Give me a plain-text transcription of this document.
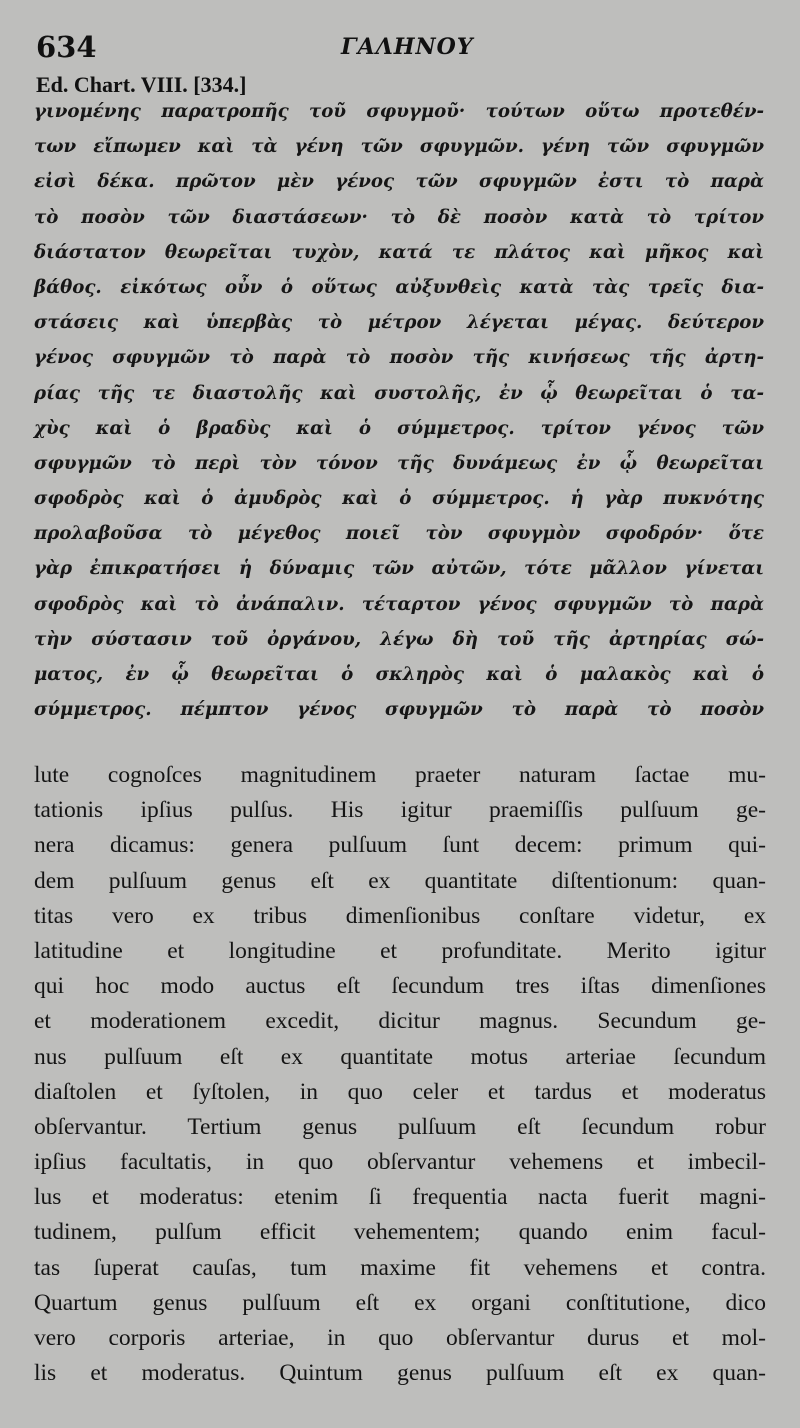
634	ΓΑΛΗΝΟΥ
Ed. Chart. VIII. [334.]
γινομένης παρατροπῆς τοῦ σφυγμοῦ· τούτων οὕτω προτεθέν-
των εἴπωμεν καὶ τὰ γένη τῶν σφυγμῶν. γένη τῶν σφυγμῶν
εἰσὶ δέκα. πρῶτον μὲν γένος τῶν σφυγμῶν ἐστι τὸ παρὰ
τὸ ποσὸν τῶν διαστάσεων· τὸ δὲ ποσὸν κατὰ τὸ τρίτον
διάστατον θεωρεῖται τυχὸν, κατά τε πλάτος καὶ μῆκος καὶ
βάθος. εἰκότως οὖν ὁ οὕτως αὐξυνθεὶς κατὰ τὰς τρεῖς δια-
στάσεις καὶ ὑπερβὰς τὸ μέτρον λέγεται μέγας. δεύτερον
γένος σφυγμῶν τὸ παρὰ τὸ ποσὸν τῆς κινήσεως τῆς ἀρτη-
ρίας τῆς τε διαστολῆς καὶ συστολῆς, ἐν ᾧ θεωρεῖται ὁ τα-
χὺς καὶ ὁ βραδὺς καὶ ὁ σύμμετρος. τρίτον γένος τῶν
σφυγμῶν τὸ περὶ τὸν τόνον τῆς δυνάμεως ἐν ᾧ θεωρεῖται
σφοδρὸς καὶ ὁ ἀμυδρὸς καὶ ὁ σύμμετρος. ἡ γὰρ πυκνότης
προλαβοῦσα τὸ μέγεθος ποιεῖ τὸν σφυγμὸν σφοδρόν· ὅτε
γὰρ ἐπικρατήσει ἡ δύναμις τῶν αὐτῶν, τότε μᾶλλον γίνεται
σφοδρὸς καὶ τὸ ἀνάπαλιν. τέταρτον γένος σφυγμῶν τὸ παρὰ
τὴν σύστασιν τοῦ ὀργάνου, λέγω δὴ τοῦ τῆς ἀρτηρίας σώ-
ματος, ἐν ᾧ θεωρεῖται ὁ σκληρὸς καὶ ὁ μαλακὸς καὶ ὁ
σύμμετρος. πέμπτον γένος σφυγμῶν τὸ παρὰ τὸ ποσὸν
lute cognoſces magnitudinem praeter naturam ſactae mu-
tationis ipſius pulſus. His igitur praemiſſis pulſuum ge-
nera dicamus: genera pulſuum ſunt decem: primum qui-
dem pulſuum genus eſt ex quantitate diſtentionum: quan-
titas vero ex tribus dimenſionibus conſtare videtur, ex
latitudine et longitudine et profunditate. Merito igitur
qui hoc modo auctus eſt ſecundum tres iſtas dimenſiones
et moderationem excedit, dicitur magnus. Secundum ge-
nus pulſuum eſt ex quantitate motus arteriae ſecundum
diaſtolen et ſyſtolen, in quo celer et tardus et moderatus
obſervantur. Tertium genus pulſuum eſt ſecundum robur
ipſius facultatis, in quo obſervantur vehemens et imbecil-
lus et moderatus: etenim ſi frequentia nacta fuerit magni-
tudinem, pulſum efficit vehementem; quando enim facul-
tas ſuperat cauſas, tum maxime fit vehemens et contra.
Quartum genus pulſuum eſt ex organi conſtitutione, dico
vero corporis arteriae, in quo obſervantur durus et mol-
lis et moderatus. Quintum genus pulſuum eſt ex quan-
